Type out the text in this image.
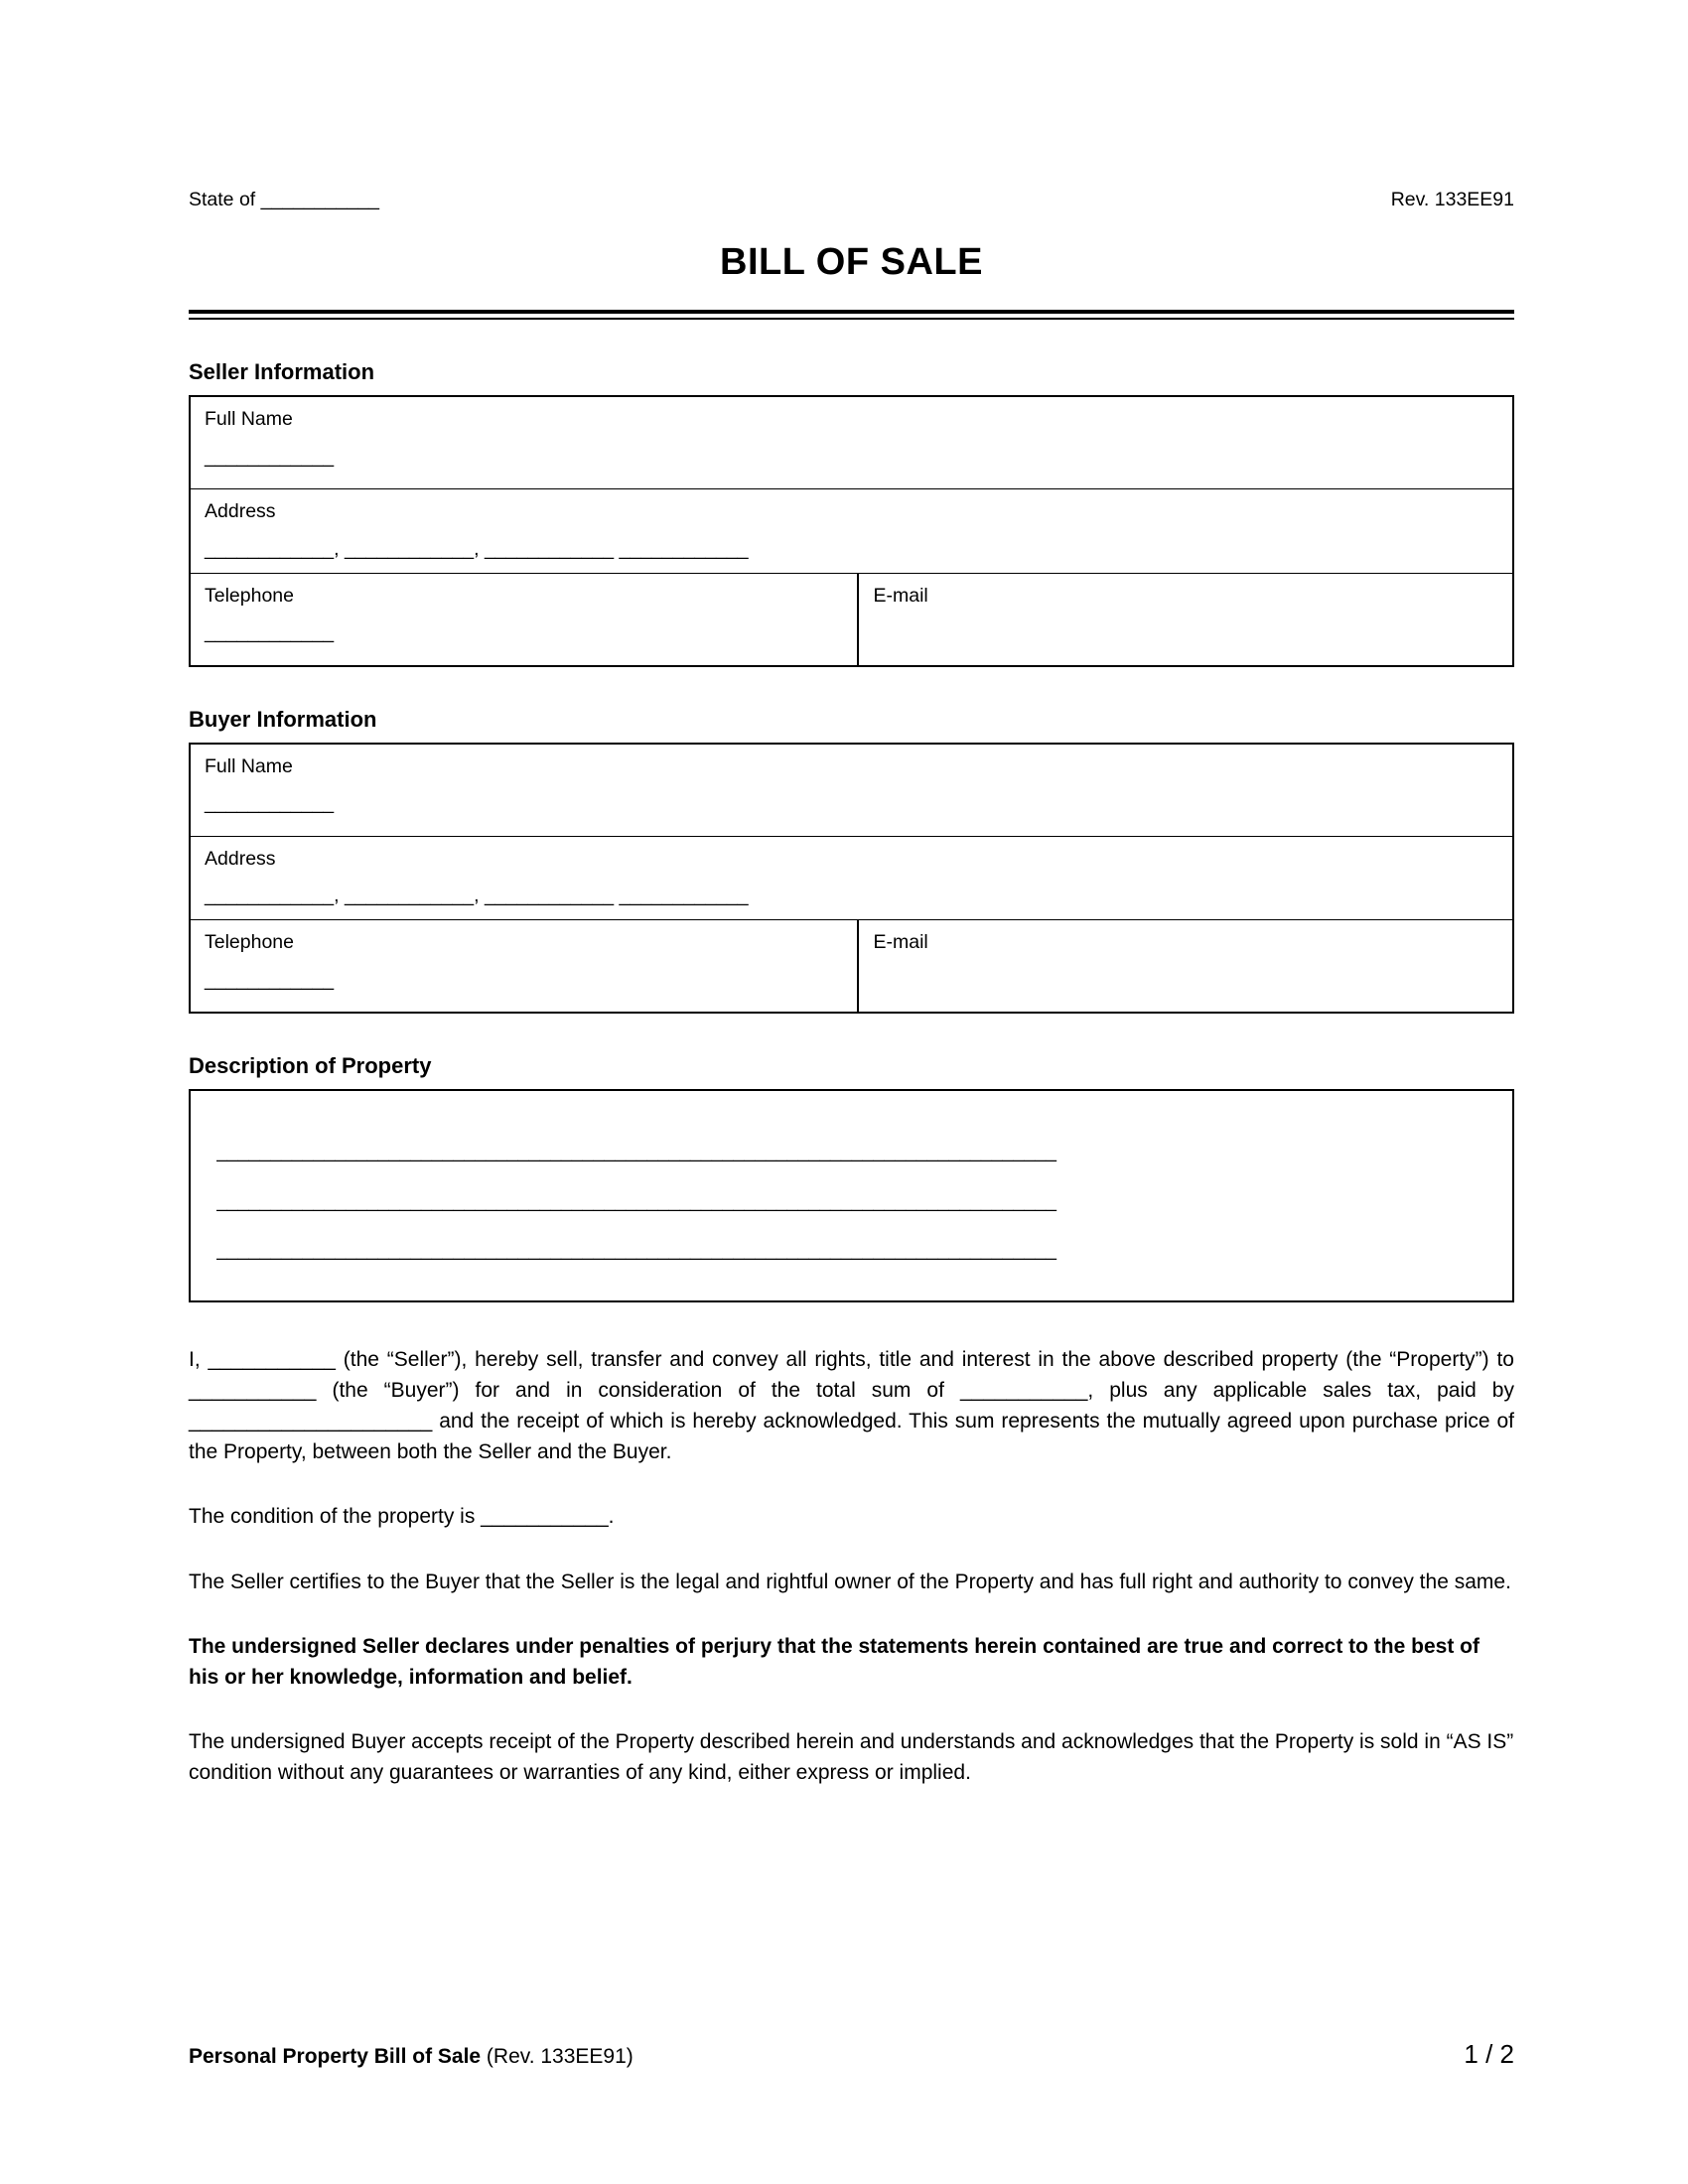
State of ___________	Rev. 133EE91
BILL OF SALE
Seller Information
Full Name
____________
Address
____________, ____________, ____________ ____________
Telephone
____________
E-mail
Buyer Information
Full Name
____________
Address
____________, ____________, ____________ ____________
Telephone
____________
E-mail
Description of Property
______________________________________________________________________________
______________________________________________________________________________
______________________________________________________________________________
I, ___________ (the “Seller”), hereby sell, transfer and convey all rights, title and interest in the above described property (the “Property”) to ___________ (the “Buyer”) for and in consideration of the total sum of ___________, plus any applicable sales tax, paid by _____________________ and the receipt of which is hereby acknowledged. This sum represents the mutually agreed upon purchase price of the Property, between both the Seller and the Buyer.
The condition of the property is ___________.
The Seller certifies to the Buyer that the Seller is the legal and rightful owner of the Property and has full right and authority to convey the same.
The undersigned Seller declares under penalties of perjury that the statements herein contained are true and correct to the best of his or her knowledge, information and belief.
The undersigned Buyer accepts receipt of the Property described herein and understands and acknowledges that the Property is sold in “AS IS” condition without any guarantees or warranties of any kind, either express or implied.
Personal Property Bill of Sale (Rev. 133EE91)	1 / 2
